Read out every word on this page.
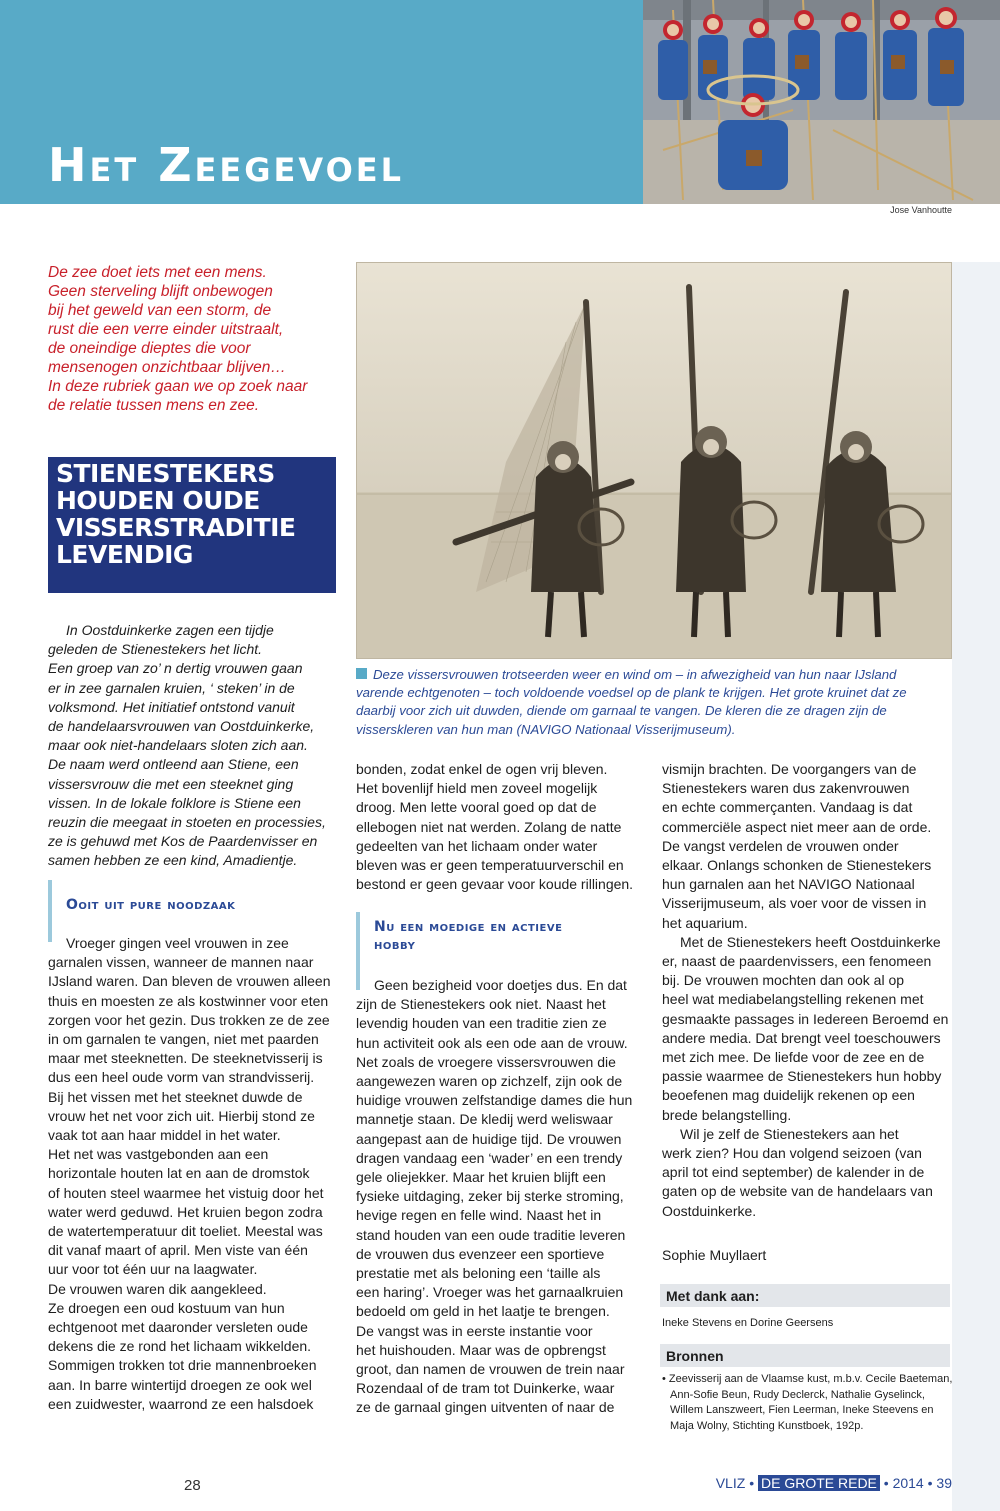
Het Zeegevoel
Jose Vanhoutte
De zee doet iets met een mens.
Geen sterveling blijft onbewogen
bij het geweld van een storm, de
rust die een verre einder uitstraalt,
de oneindige dieptes die voor
mensenogen onzichtbaar blijven…
In deze rubriek gaan we op zoek naar
de relatie tussen mens en zee.
STIENESTEKERS
HOUDEN OUDE
VISSERSTRADITIE
LEVENDIG
Deze vissersvrouwen trotseerden weer en wind om – in afwezigheid van hun naar IJsland
varende echtgenoten – toch voldoende voedsel op de plank te krijgen. Het grote kruinet dat ze
daarbij voor zich uit duwden, diende om garnaal te vangen. De kleren die ze dragen zijn de
visserskleren van hun man (NAVIGO Nationaal Visserijmuseum).
In Oostduinkerke zagen een tijdje
geleden de Stienestekers het licht.
Een groep van zo’ n dertig vrouwen gaan
er in zee garnalen kruien, ‘ steken’ in de
volksmond. Het initiatief ontstond vanuit
de handelaarsvrouwen van Oostduinkerke,
maar ook niet-handelaars sloten zich aan.
De naam werd ontleend aan Stiene, een
vissersvrouw die met een steeknet ging
vissen. In de lokale folklore is Stiene een
reuzin die meegaat in stoeten en processies,
ze is gehuwd met Kos de Paardenvisser en
samen hebben ze een kind, Amadientje.
Ooit uit pure noodzaak
Vroeger gingen veel vrouwen in zee
garnalen vissen, wanneer de mannen naar
IJsland waren. Dan bleven de vrouwen alleen
thuis en moesten ze als kostwinner voor eten
zorgen voor het gezin. Dus trokken ze de zee
in om garnalen te vangen, niet met paarden
maar met steeknetten. De steeknetvisserij is
dus een heel oude vorm van strandvisserij.
Bij het vissen met het steeknet duwde de
vrouw het net voor zich uit. Hierbij stond ze
vaak tot aan haar middel in het water.
Het net was vastgebonden aan een
horizontale houten lat en aan de dromstok
of houten steel waarmee het vistuig door het
water werd geduwd. Het kruien begon zodra
de watertemperatuur dit toeliet. Meestal was
dit vanaf maart of april. Men viste van één
uur voor tot één uur na laagwater.
De vrouwen waren dik aangekleed.
Ze droegen een oud kostuum van hun
echtgenoot met daaronder versleten oude
dekens die ze rond het lichaam wikkelden.
Sommigen trokken tot drie mannenbroeken
aan. In barre wintertijd droegen ze ook wel
een zuidwester, waarrond ze een halsdoek
bonden, zodat enkel de ogen vrij bleven.
Het bovenlijf hield men zoveel mogelijk
droog. Men lette vooral goed op dat de
ellebogen niet nat werden. Zolang de natte
gedeelten van het lichaam onder water
bleven was er geen temperatuurverschil en
bestond er geen gevaar voor koude rillingen.
Nu een moedige en actieve
hobby
Geen bezigheid voor doetjes dus. En dat
zijn de Stienestekers ook niet. Naast het
levendig houden van een traditie zien ze
hun activiteit ook als een ode aan de vrouw.
Net zoals de vroegere vissersvrouwen die
aangewezen waren op zichzelf, zijn ook de
huidige vrouwen zelfstandige dames die hun
mannetje staan. De kledij werd weliswaar
aangepast aan de huidige tijd. De vrouwen
dragen vandaag een ‘wader’ en een trendy
gele oliejekker. Maar het kruien blijft een
fysieke uitdaging, zeker bij sterke stroming,
hevige regen en felle wind. Naast het in
stand houden van een oude traditie leveren
de vrouwen dus evenzeer een sportieve
prestatie met als beloning een ‘taille als
een haring’. Vroeger was het garnaalkruien
bedoeld om geld in het laatje te brengen.
De vangst was in eerste instantie voor
het huishouden. Maar was de opbrengst
groot, dan namen de vrouwen de trein naar
Rozendaal of de tram tot Duinkerke, waar
ze de garnaal gingen uitventen of naar de
vismijn brachten. De voorgangers van de
Stienestekers waren dus zakenvrouwen
en echte commerçanten. Vandaag is dat
commerciële aspect niet meer aan de orde.
De vangst verdelen de vrouwen onder
elkaar. Onlangs schonken de Stienestekers
hun garnalen aan het NAVIGO Nationaal
Visserijmuseum, als voer voor de vissen in
het aquarium.
Met de Stienestekers heeft Oostduinkerke
er, naast de paardenvissers, een fenomeen
bij. De vrouwen mochten dan ook al op
heel wat mediabelangstelling rekenen met
gesmaakte passages in Iedereen Beroemd en
andere media. Dat brengt veel toeschouwers
met zich mee. De liefde voor de zee en de
passie waarmee de Stienestekers hun hobby
beoefenen mag duidelijk rekenen op een
brede belangstelling.
Wil je zelf de Stienestekers aan het
werk zien? Hou dan volgend seizoen (van
april tot eind september) de kalender in de
gaten op de website van de handelaars van
Oostduinkerke.
Sophie Muyllaert
Met dank aan:
Ineke Stevens en Dorine Geersens
Bronnen
• Zeevisserij aan de Vlaamse kust, m.b.v. Cecile Baeteman,
Ann-Sofie Beun, Rudy Declerck, Nathalie Gyselinck,
Willem Lanszweert, Fien Leerman, Ineke Steevens en
Maja Wolny, Stichting Kunstboek, 192p.
28	VLIZ • DE GROTE REDE • 2014 • 39
